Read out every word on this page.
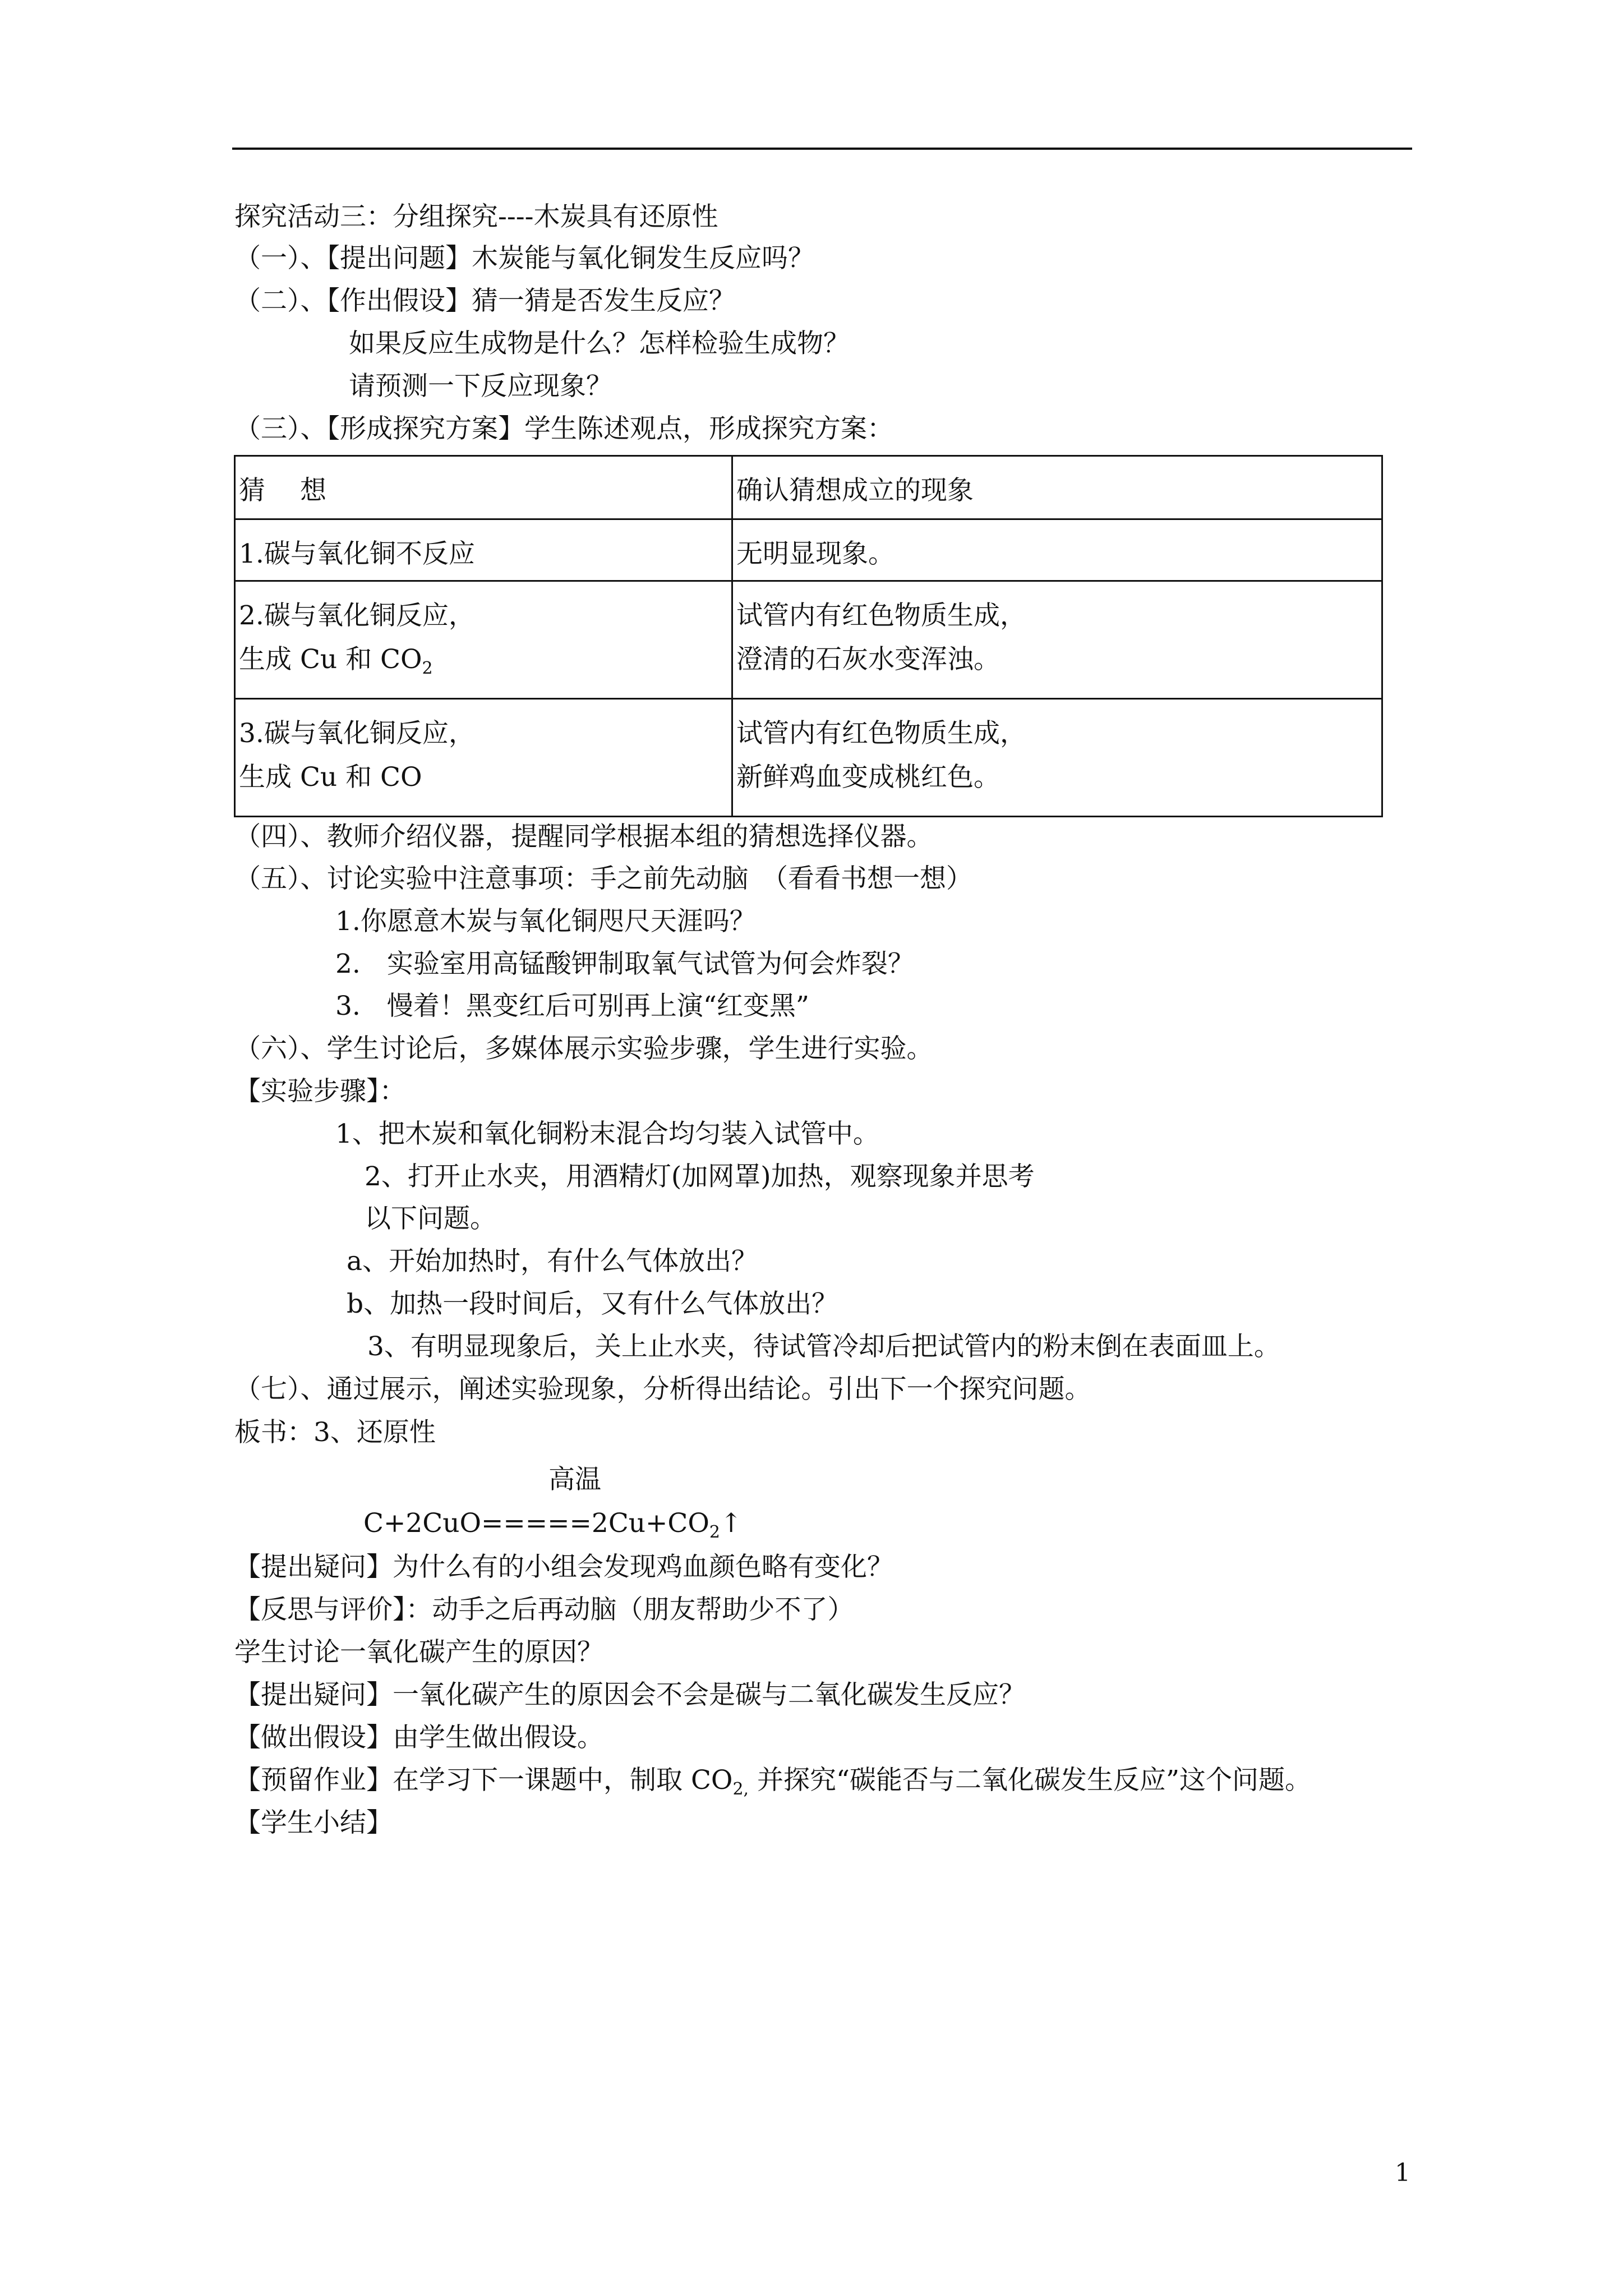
探究活动三：分组探究----木炭具有还原性
（一）、【提出问题】木炭能与氧化铜发生反应吗？
（二）、【作出假设】猜一猜是否发生反应？
如果反应生成物是什么？怎样检验生成物？
请预测一下反应现象？
（三）、【形成探究方案】学生陈述观点，形成探究方案：
猜　 想	确认猜想成立的现象

1.碳与氧化铜不反应	无明显现象。

2.碳与氧化铜反应，
生成 Cu 和 $CO_2$	试管内有红色物质生成，
澄清的石灰水变浑浊。

3.碳与氧化铜反应，
生成 Cu 和 CO	试管内有红色物质生成，
新鲜鸡血变成桃红色。
（四）、教师介绍仪器，提醒同学根据本组的猜想选择仪器。
（五）、讨论实验中注意事项：手之前先动脑　（看看书想一想）
1.你愿意木炭与氧化铜咫尺天涯吗？
2.　实验室用高锰酸钾制取氧气试管为何会炸裂？
3.　慢着！黑变红后可别再上演“红变黑”
（六）、学生讨论后，多媒体展示实验步骤，学生进行实验。
【实验步骤】：
1、把木炭和氧化铜粉末混合均匀装入试管中。
2、打开止水夹，用酒精灯(加网罩)加热，观察现象并思考
以下问题。
a、开始加热时，有什么气体放出？
b、加热一段时间后，又有什么气体放出？
3、有明显现象后，关上止水夹，待试管冷却后把试管内的粉末倒在表面皿上。
（七）、通过展示，阐述实验现象，分析得出结论。引出下一个探究问题。
板书：3、还原性
高温
$C+2CuO=====2Cu+CO_2↑$
【提出疑问】为什么有的小组会发现鸡血颜色略有变化？
【反思与评价】：动手之后再动脑（朋友帮助少不了）
学生讨论一氧化碳产生的原因？
【提出疑问】一氧化碳产生的原因会不会是碳与二氧化碳发生反应？
【做出假设】由学生做出假设。
【预留作业】在学习下一课题中，制取 $CO_{2,}$ 并探究“碳能否与二氧化碳发生反应”这个问题。
【学生小结】
1
